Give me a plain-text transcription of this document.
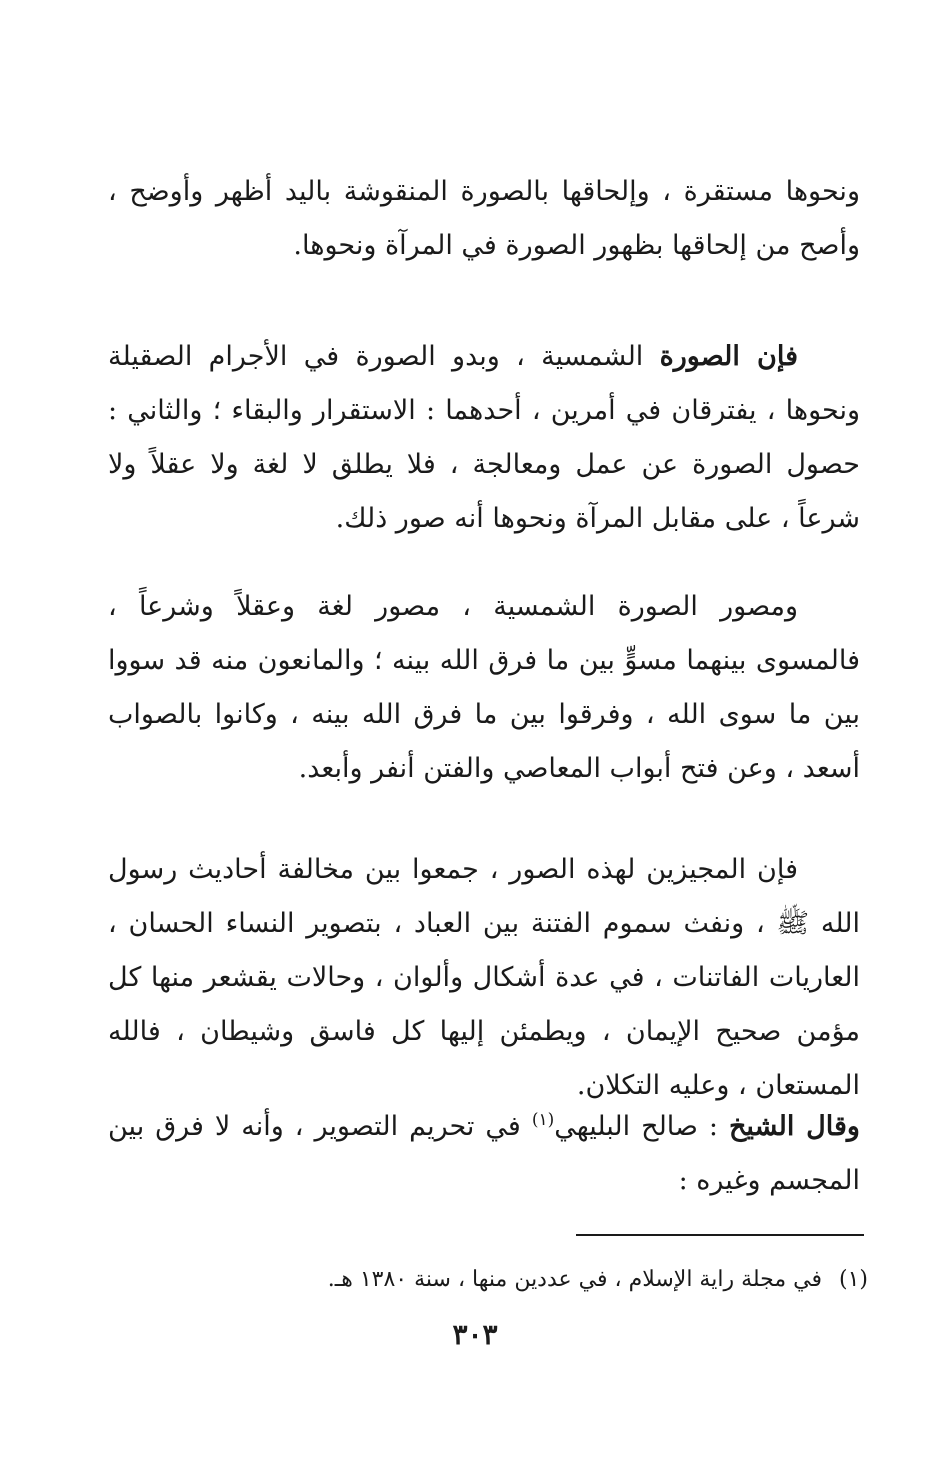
ونحوها مستقرة ، وإلحاقها بالصورة المنقوشة باليد أظهر وأوضح ، وأصح من إلحاقها بظهور الصورة في المرآة ونحوها.

فإن الصورة الشمسية ، وبدو الصورة في الأجرام الصقيلة ونحوها ، يفترقان في أمرين ، أحدهما : الاستقرار والبقاء ؛ والثاني : حصول الصورة عن عمل ومعالجة ، فلا يطلق لا لغة ولا عقلاً ولا شرعاً ، على مقابل المرآة ونحوها أنه صور ذلك.

ومصور الصورة الشمسية ، مصور لغة وعقلاً وشرعاً ، فالمسوى بينهما مسوٍّ بين ما فرق الله بينه ؛ والمانعون منه قد سووا بين ما سوى الله ، وفرقوا بين ما فرق الله بينه ، وكانوا بالصواب أسعد ، وعن فتح أبواب المعاصي والفتن أنفر وأبعد.

فإن المجيزين لهذه الصور ، جمعوا بين مخالفة أحاديث رسول الله ﷺ ، ونفث سموم الفتنة بين العباد ، بتصوير النساء الحسان ، العاريات الفاتنات ، في عدة أشكال وألوان ، وحالات يقشعر منها كل مؤمن صحيح الإيمان ، ويطمئن إليها كل فاسق وشيطان ، فالله المستعان ، وعليه التكلان.

وقال الشيخ : صالح البليهي$^{(١)}$ في تحريم التصوير ، وأنه لا فرق بين المجسم وغيره :

(١) في مجلة راية الإسلام ، في عددين منها ، سنة ١٣٨٠ هـ.
٣٠٣
